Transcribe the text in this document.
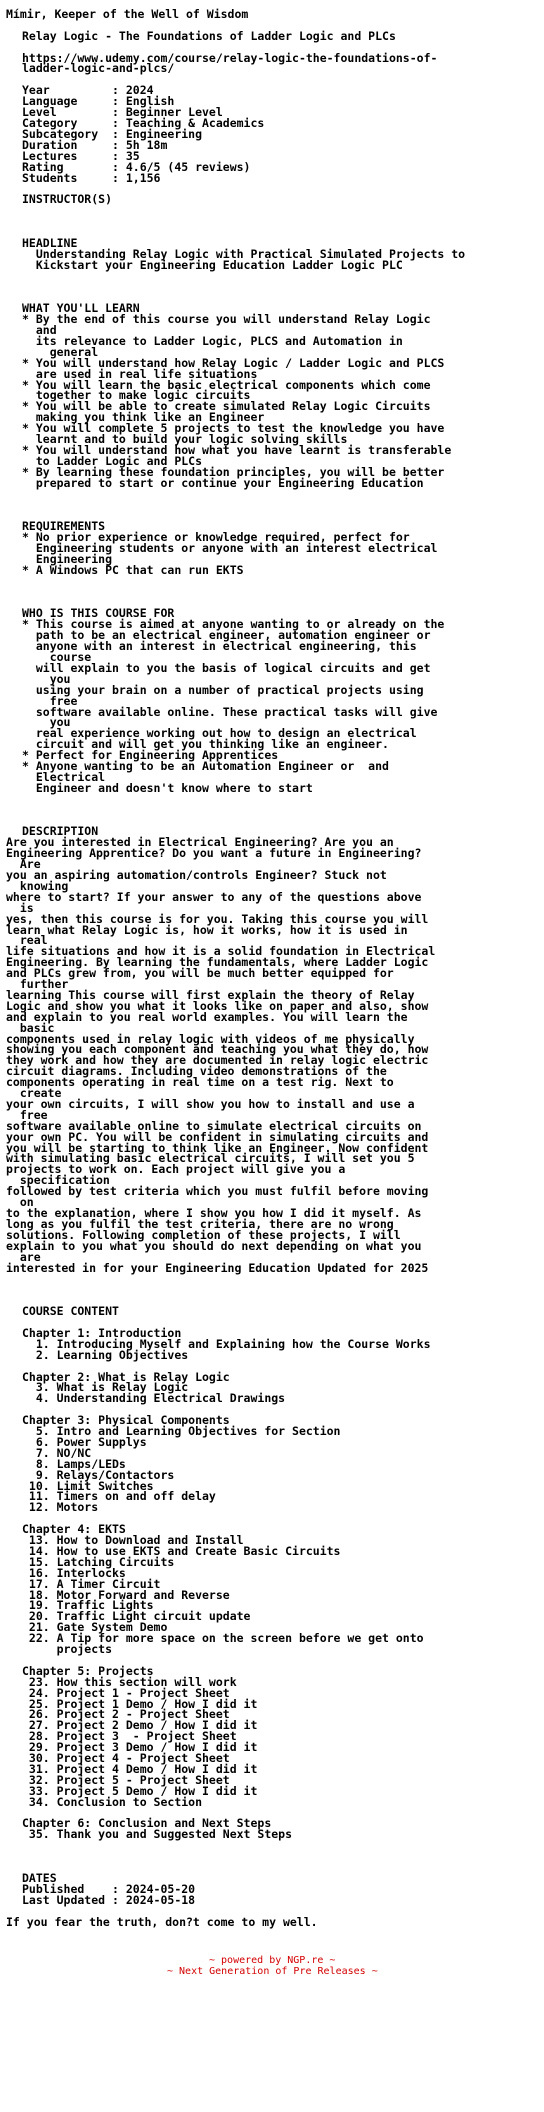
Mímir, Keeper of the Well of Wisdom
Relay Logic - The Foundations of Ladder Logic and PLCs
https://www.udemy.com/course/relay-logic-the-foundations-of-
ladder-logic-and-plcs/
Year         : 2024
Language     : English
Level        : Beginner Level
Category     : Teaching & Academics
Subcategory  : Engineering
Duration     : 5h 18m
Lectures     : 35
Rating       : 4.6/5 (45 reviews)
Students     : 1,156
INSTRUCTOR(S)
HEADLINE
Understanding Relay Logic with Practical Simulated Projects to
Kickstart your Engineering Education Ladder Logic PLC
WHAT YOU'LL LEARN
* By the end of this course you will understand Relay Logic
and
its relevance to Ladder Logic, PLCS and Automation in
general
* You will understand how Relay Logic / Ladder Logic and PLCS
are used in real life situations
* You will learn the basic electrical components which come
together to make logic circuits
* You will be able to create simulated Relay Logic Circuits
making you think like an Engineer
* You will complete 5 projects to test the knowledge you have
learnt and to build your logic solving skills
* You will understand how what you have learnt is transferable
to Ladder Logic and PLCs
* By learning these foundation principles, you will be better
prepared to start or continue your Engineering Education
REQUIREMENTS
* No prior experience or knowledge required, perfect for
Engineering students or anyone with an interest electrical
Engineering
* A Windows PC that can run EKTS
WHO IS THIS COURSE FOR
* This course is aimed at anyone wanting to or already on the
path to be an electrical engineer, automation engineer or
anyone with an interest in electrical engineering, this
course
will explain to you the basis of logical circuits and get
you
using your brain on a number of practical projects using
free
software available online. These practical tasks will give
you
real experience working out how to design an electrical
circuit and will get you thinking like an engineer.
* Perfect for Engineering Apprentices
* Anyone wanting to be an Automation Engineer or  and
Electrical
Engineer and doesn't know where to start
DESCRIPTION
Are you interested in Electrical Engineering? Are you an
Engineering Apprentice? Do you want a future in Engineering?
Are
you an aspiring automation/controls Engineer? Stuck not
knowing
where to start? If your answer to any of the questions above
is
yes, then this course is for you. Taking this course you will
learn what Relay Logic is, how it works, how it is used in
real
life situations and how it is a solid foundation in Electrical
Engineering. By learning the fundamentals, where Ladder Logic
and PLCs grew from, you will be much better equipped for
further
learning This course will first explain the theory of Relay
Logic and show you what it looks like on paper and also, show
and explain to you real world examples. You will learn the
basic
components used in relay logic with videos of me physically
showing you each component and teaching you what they do, how
they work and how they are documented in relay logic electric
circuit diagrams. Including video demonstrations of the
components operating in real time on a test rig. Next to
create
your own circuits, I will show you how to install and use a
free
software available online to simulate electrical circuits on
your own PC. You will be confident in simulating circuits and
you will be starting to think like an Engineer. Now confident
with simulating basic electrical circuits, I will set you 5
projects to work on. Each project will give you a
specification
followed by test criteria which you must fulfil before moving
on
to the explanation, where I show you how I did it myself. As
long as you fulfil the test criteria, there are no wrong
solutions. Following completion of these projects, I will
explain to you what you should do next depending on what you
are
interested in for your Engineering Education Updated for 2025
COURSE CONTENT
Chapter 1: Introduction
1. Introducing Myself and Explaining how the Course Works
2. Learning Objectives
Chapter 2: What is Relay Logic
3. What is Relay Logic
4. Understanding Electrical Drawings
Chapter 3: Physical Components
5. Intro and Learning Objectives for Section
6. Power Supplys
7. NO/NC
8. Lamps/LEDs
9. Relays/Contactors
10. Limit Switches
11. Timers on and off delay
12. Motors
Chapter 4: EKTS
13. How to Download and Install
14. How to use EKTS and Create Basic Circuits
15. Latching Circuits
16. Interlocks
17. A Timer Circuit
18. Motor Forward and Reverse
19. Traffic Lights
20. Traffic Light circuit update
21. Gate System Demo
22. A Tip for more space on the screen before we get onto
projects
Chapter 5: Projects
23. How this section will work
24. Project 1 - Project Sheet
25. Project 1 Demo / How I did it
26. Project 2 - Project Sheet
27. Project 2 Demo / How I did it
28. Project 3  - Project Sheet
29. Project 3 Demo / How I did it
30. Project 4 - Project Sheet
31. Project 4 Demo / How I did it
32. Project 5 - Project Sheet
33. Project 5 Demo / How I did it
34. Conclusion to Section
Chapter 6: Conclusion and Next Steps
35. Thank you and Suggested Next Steps
DATES
Published    : 2024-05-20
Last Updated : 2024-05-18
If you fear the truth, don?t come to my well.
~ powered by NGP.re ~
~ Next Generation of Pre Releases ~
